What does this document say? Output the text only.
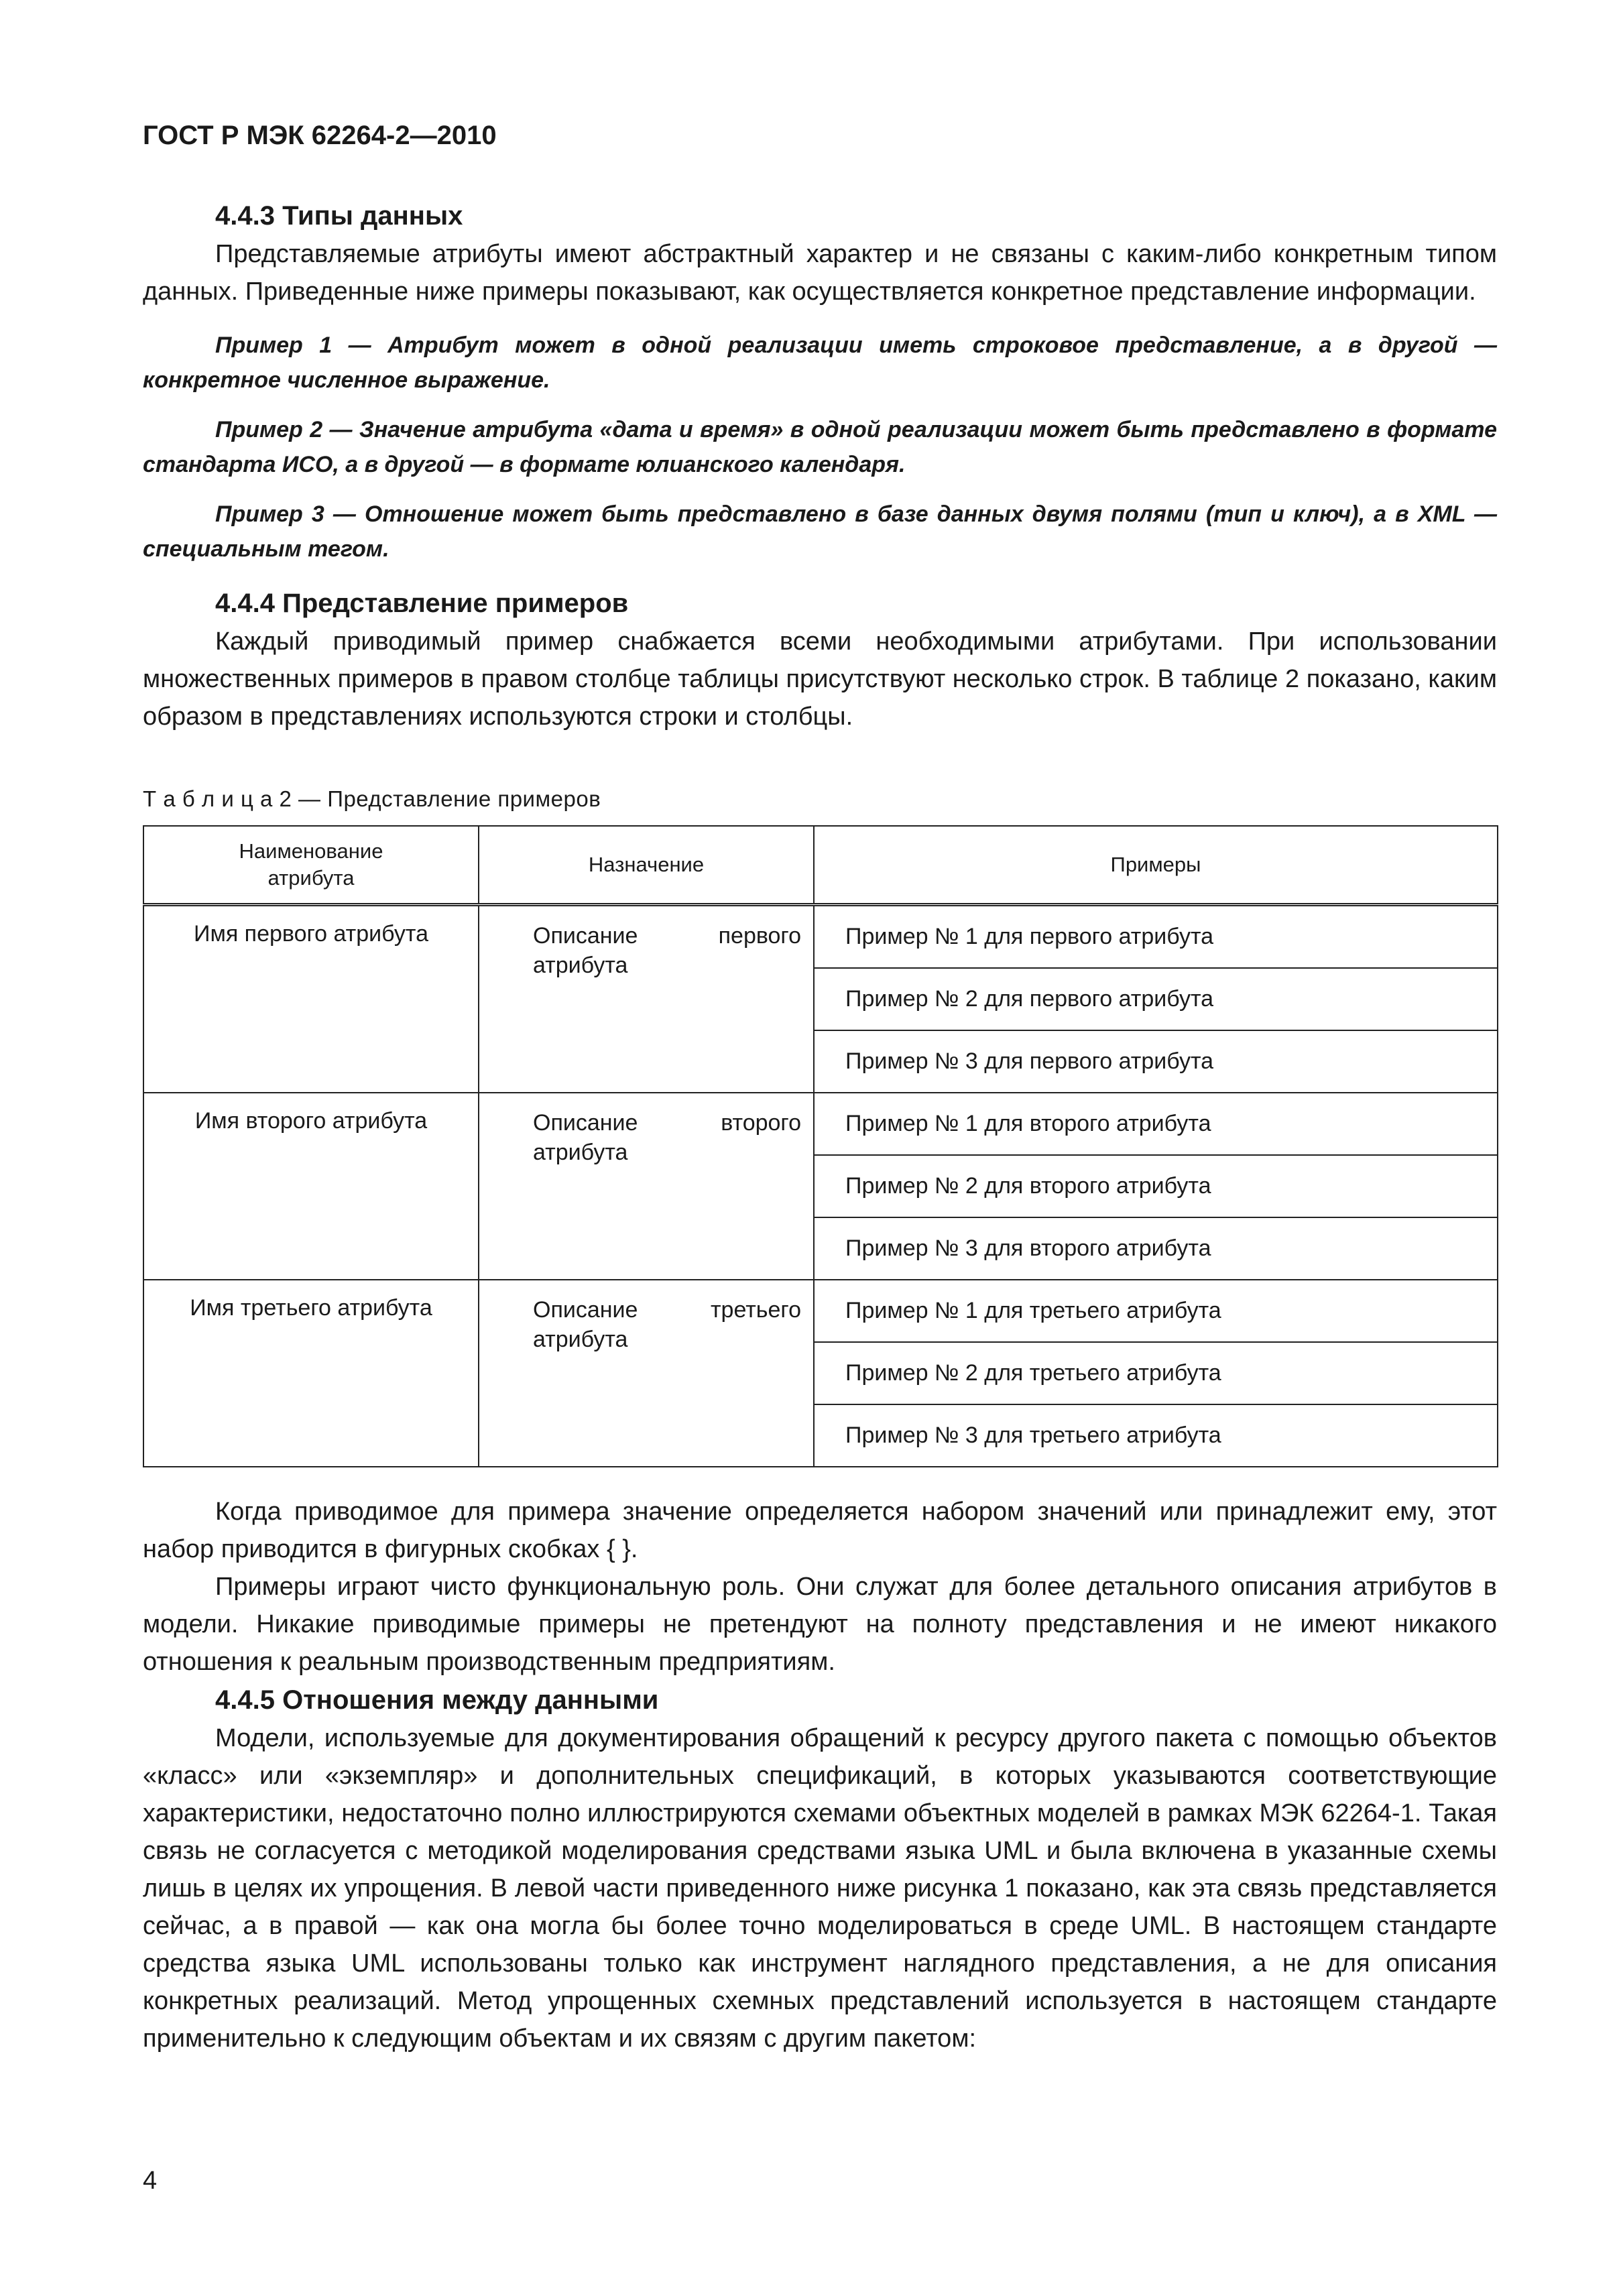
ГОСТ Р МЭК 62264-2—2010
4.4.3 Типы данных

Представляемые атрибуты имеют абстрактный характер и не связаны с каким-либо конкретным типом данных. Приведенные ниже примеры показывают, как осуществляется конкретное представление информации.

Пример 1 — Атрибут может в одной реализации иметь строковое представление, а в другой — конкретное численное выражение.

Пример 2 — Значение атрибута «дата и время» в одной реализации может быть представлено в формате стандарта ИСО, а в другой — в формате юлианского календаря.

Пример 3 — Отношение может быть представлено в базе данных двумя полями (тип и ключ), а в XML — специальным тегом.

4.4.4 Представление примеров

Каждый приводимый пример снабжается всеми необходимыми атрибутами. При использовании множественных примеров в правом столбце таблицы присутствуют несколько строк. В таблице 2 показано, каким образом в представлениях используются строки и столбцы.

Т а б л и ц а 2 — Представление примеров
Наименование атрибута	Назначение	Примеры
Имя первого атрибута	Описание первого атрибута	Пример № 1 для первого атрибута
		Пример № 2 для первого атрибута
		Пример № 3 для первого атрибута
Имя второго атрибута	Описание второго атрибута	Пример № 1 для второго атрибута
		Пример № 2 для второго атрибута
		Пример № 3 для второго атрибута
Имя третьего атрибута	Описание третьего атрибута	Пример № 1 для третьего атрибута
		Пример № 2 для третьего атрибута
		Пример № 3 для третьего атрибута

Когда приводимое для примера значение определяется набором значений или принадлежит ему, этот набор приводится в фигурных скобках { }.

Примеры играют чисто функциональную роль. Они служат для более детального описания атрибутов в модели. Никакие приводимые примеры не претендуют на полноту представления и не имеют никакого отношения к реальным производственным предприятиям.

4.4.5 Отношения между данными

Модели, используемые для документирования обращений к ресурсу другого пакета с помощью объектов «класс» или «экземпляр» и дополнительных спецификаций, в которых указываются соответствующие характеристики, недостаточно полно иллюстрируются схемами объектных моделей в рамках МЭК 62264-1. Такая связь не согласуется с методикой моделирования средствами языка UML и была включена в указанные схемы лишь в целях их упрощения. В левой части приведенного ниже рисунка 1 показано, как эта связь представляется сейчас, а в правой — как она могла бы более точно моделироваться в среде UML. В настоящем стандарте средства языка UML использованы только как инструмент наглядного представления, а не для описания конкретных реализаций. Метод упрощенных схемных представлений используется в настоящем стандарте применительно к следующим объектам и их связям с другим пакетом:

4
